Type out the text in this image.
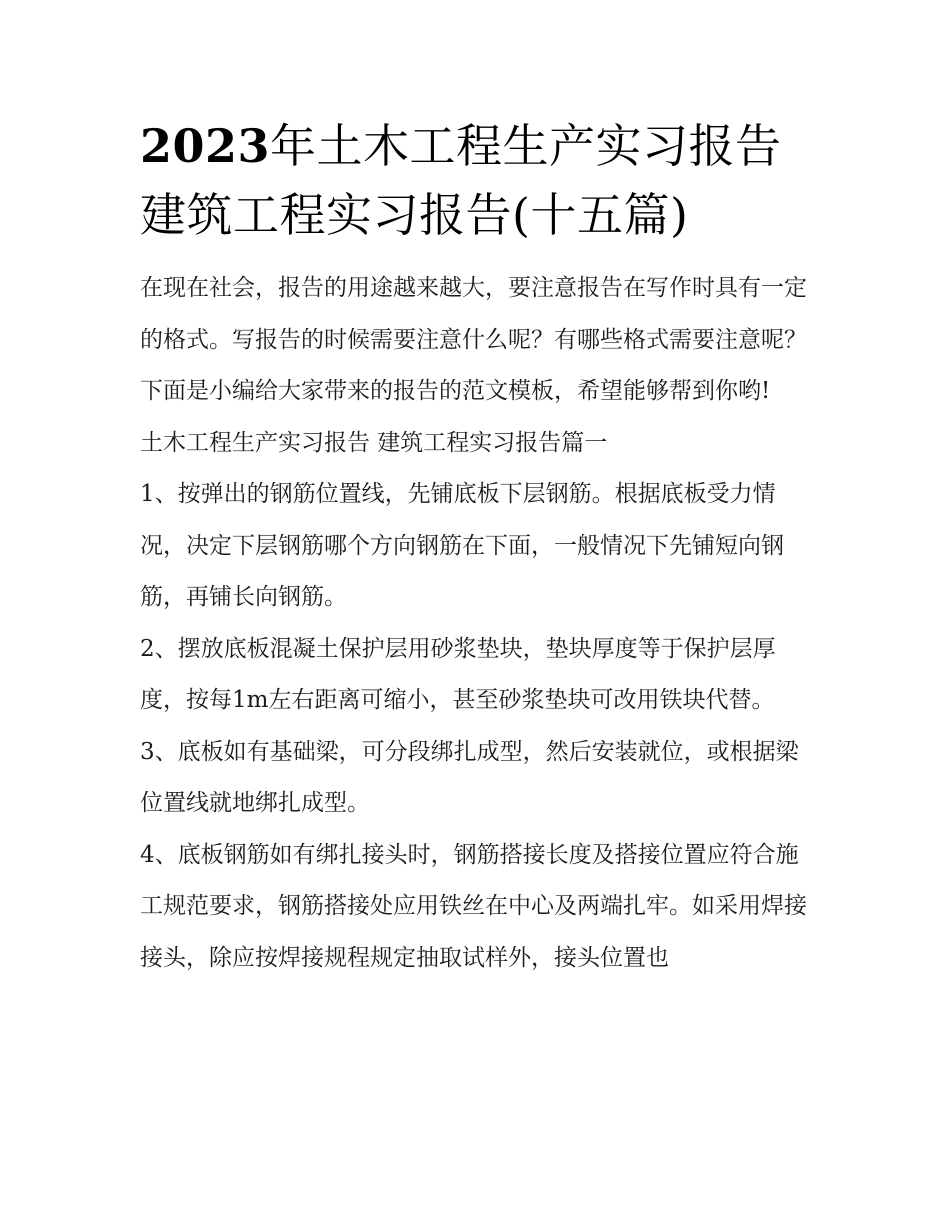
2023年土木工程生产实习报告建筑工程实习报告(十五篇)

在现在社会，报告的用途越来越大，要注意报告在写作时具有一定的格式。写报告的时候需要注意什么呢？有哪些格式需要注意呢？下面是小编给大家带来的报告的范文模板，希望能够帮到你哟!

土木工程生产实习报告 建筑工程实习报告篇一

1、按弹出的钢筋位置线，先铺底板下层钢筋。根据底板受力情况，决定下层钢筋哪个方向钢筋在下面，一般情况下先铺短向钢筋，再铺长向钢筋。

2、摆放底板混凝土保护层用砂浆垫块，垫块厚度等于保护层厚度，按每1m左右距离可缩小，甚至砂浆垫块可改用铁块代替。

3、底板如有基础梁，可分段绑扎成型，然后安装就位，或根据梁位置线就地绑扎成型。

4、底板钢筋如有绑扎接头时，钢筋搭接长度及搭接位置应符合施工规范要求，钢筋搭接处应用铁丝在中心及两端扎牢。如采用焊接接头，除应按焊接规程规定抽取试样外，接头位置也
